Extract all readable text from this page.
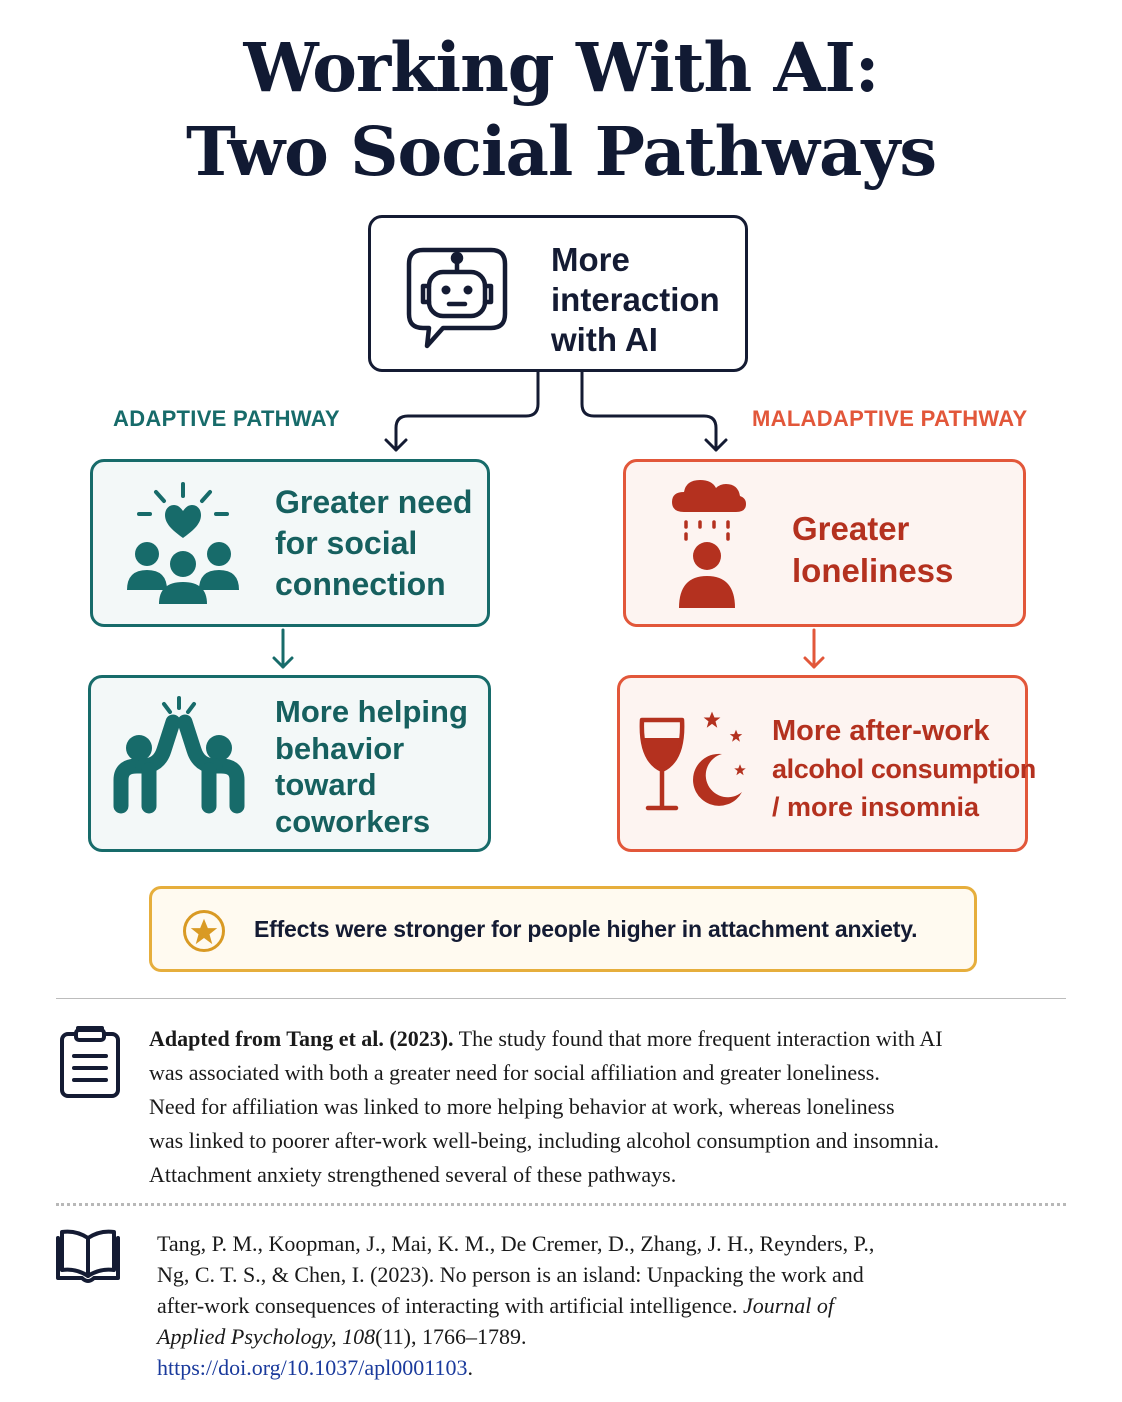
Working With AI:
Two Social Pathways
More
interaction
with AI
ADAPTIVE PATHWAY	MALADAPTIVE PATHWAY
Greater need
for social
connection
More helping
behavior
toward
coworkers
Greater
loneliness
More after-work
alcohol consumption
/ more insomnia
Effects were stronger for people higher in attachment anxiety.
Adapted from Tang et al. (2023). The study found that more frequent interaction with AI
was associated with both a greater need for social affiliation and greater loneliness.
Need for affiliation was linked to more helping behavior at work, whereas loneliness
was linked to poorer after-work well-being, including alcohol consumption and insomnia.
Attachment anxiety strengthened several of these pathways.
Tang, P. M., Koopman, J., Mai, K. M., De Cremer, D., Zhang, J. H., Reynders, P.,
Ng, C. T. S., & Chen, I. (2023). No person is an island: Unpacking the work and
after-work consequences of interacting with artificial intelligence. Journal of
Applied Psychology, 108(11), 1766–1789.
https://doi.org/10.1037/apl0001103.
